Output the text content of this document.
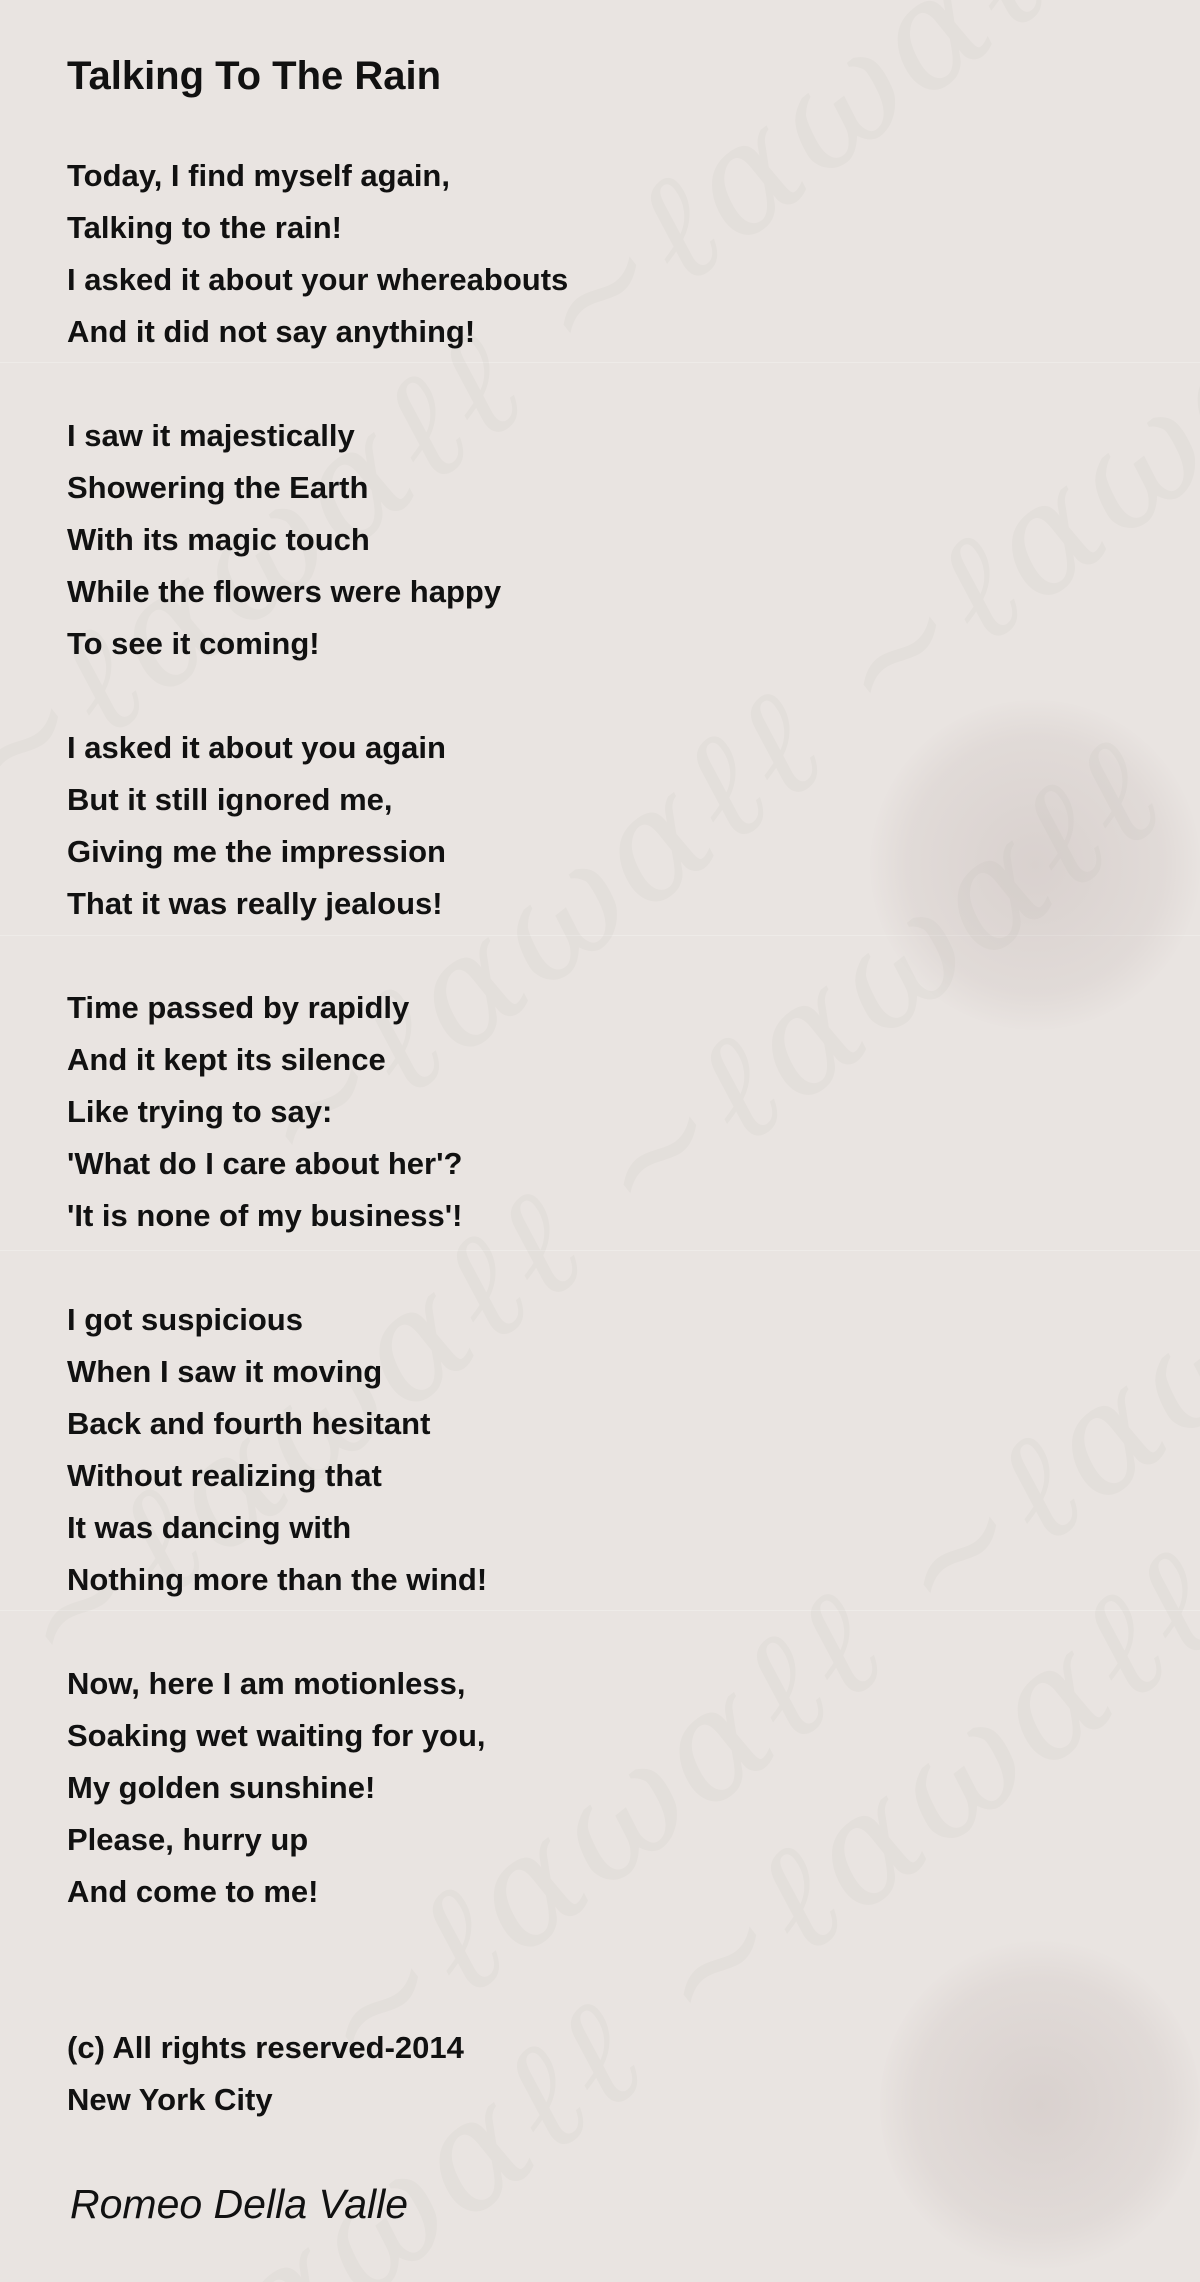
Talking To The Rain
Today, I find myself again,
Talking to the rain!
I asked it about your whereabouts
And it did not say anything!
I saw it majestically
Showering the Earth
With its magic touch
While the flowers were happy
To see it coming!
I asked it about you again
But it still ignored me,
Giving me the impression
That it was really jealous!
Time passed by rapidly
And it kept its silence
Like trying to say:
'What do I care about her'?
'It is none of my business'!
I got suspicious
When I saw it moving
Back and fourth hesitant
Without realizing that
It was dancing with
Nothing more than the wind!
Now, here I am motionless,
Soaking wet waiting for you,
My golden sunshine!
Please, hurry up
And come to me!
(c) All rights reserved-2014
New York City
Romeo Della Valle
